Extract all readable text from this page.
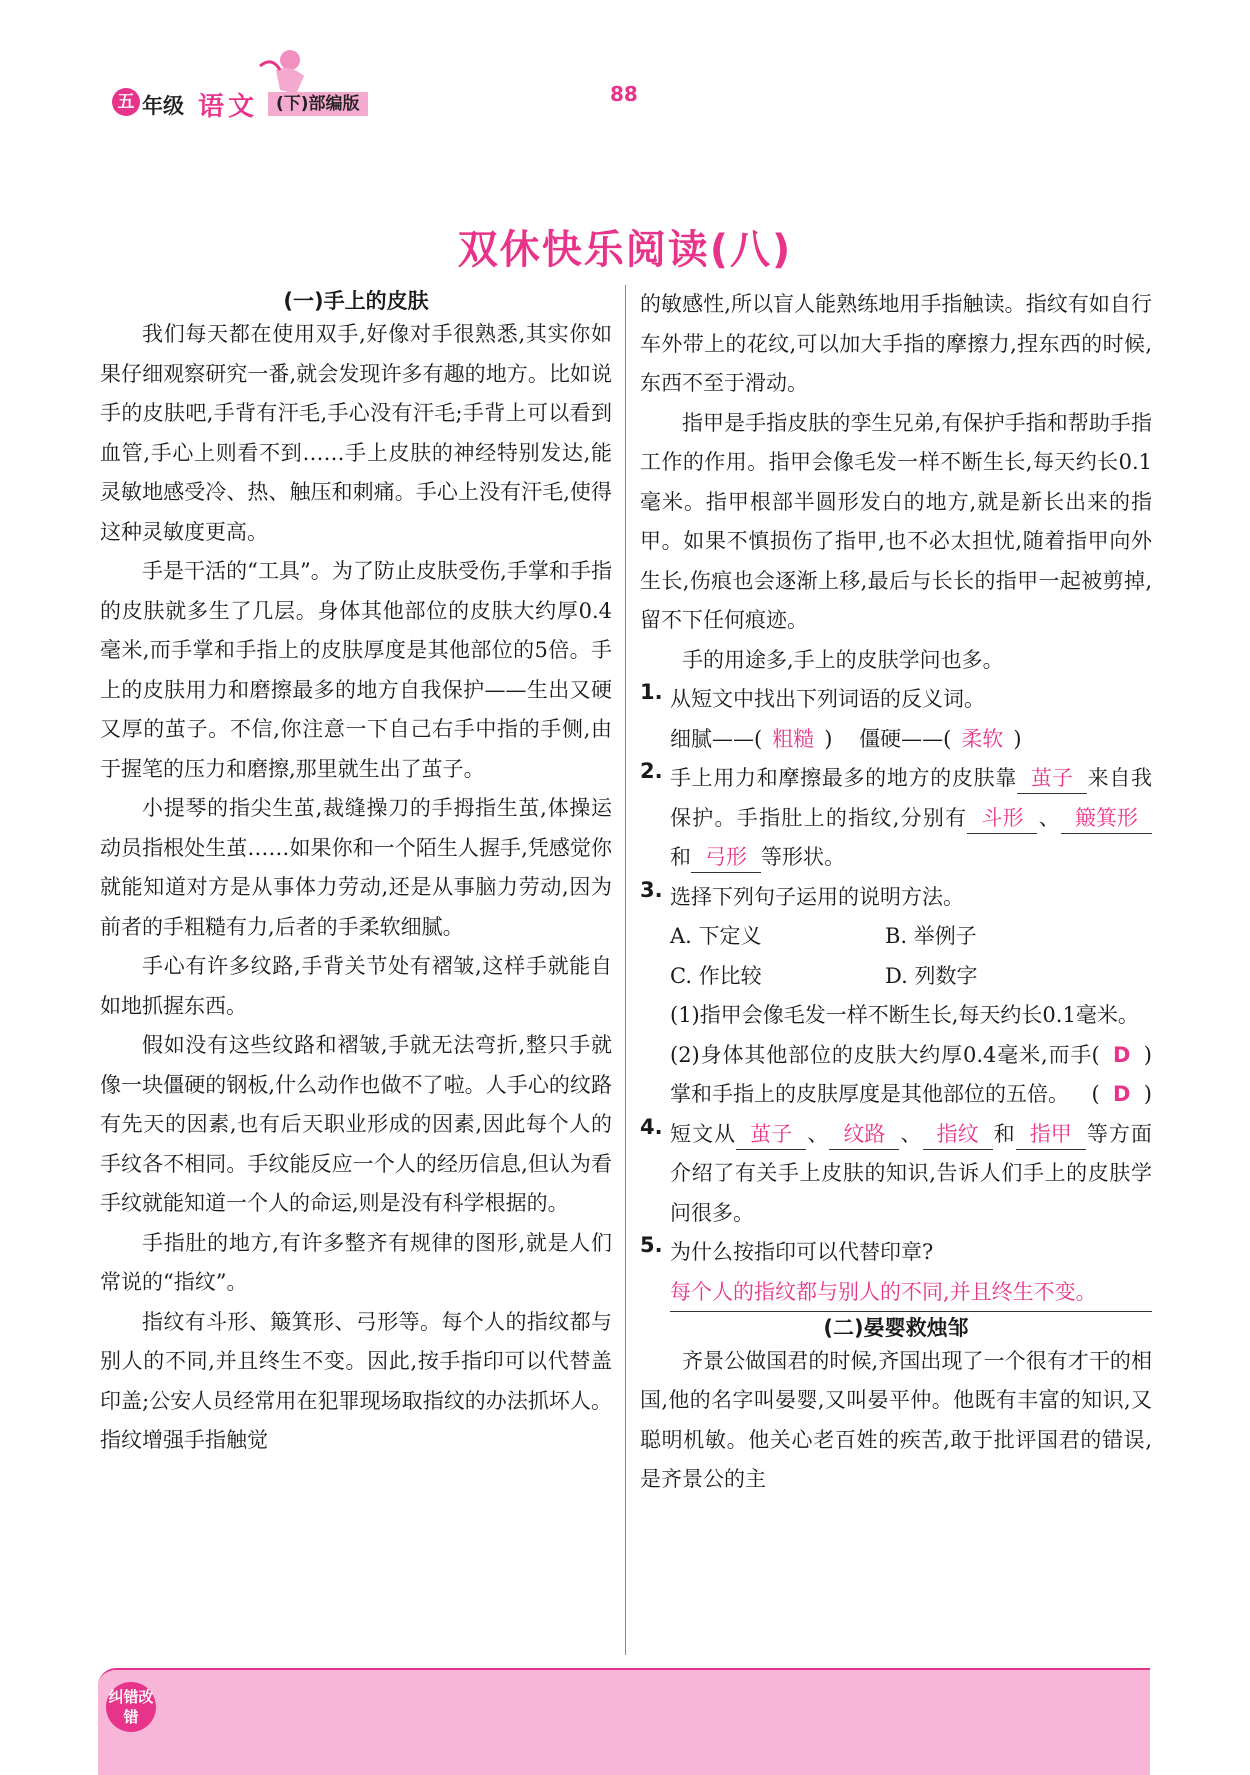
五 年级 语文	(下)部编版	88
双休快乐阅读(八)
(一)手上的皮肤

我们每天都在使用双手,好像对手很熟悉,其实你如果仔细观察研究一番,就会发现许多有趣的地方。比如说手的皮肤吧,手背有汗毛,手心没有汗毛;手背上可以看到血管,手心上则看不到……手上皮肤的神经特别发达,能灵敏地感受冷、热、触压和刺痛。手心上没有汗毛,使得这种灵敏度更高。

手是干活的“工具”。为了防止皮肤受伤,手掌和手指的皮肤就多生了几层。身体其他部位的皮肤大约厚0.4毫米,而手掌和手指上的皮肤厚度是其他部位的5倍。手上的皮肤用力和磨擦最多的地方自我保护——生出又硬又厚的茧子。不信,你注意一下自己右手中指的手侧,由于握笔的压力和磨擦,那里就生出了茧子。

小提琴的指尖生茧,裁缝操刀的手拇指生茧,体操运动员指根处生茧……如果你和一个陌生人握手,凭感觉你就能知道对方是从事体力劳动,还是从事脑力劳动,因为前者的手粗糙有力,后者的手柔软细腻。

手心有许多纹路,手背关节处有褶皱,这样手就能自如地抓握东西。

假如没有这些纹路和褶皱,手就无法弯折,整只手就像一块僵硬的钢板,什么动作也做不了啦。人手心的纹路有先天的因素,也有后天职业形成的因素,因此每个人的手纹各不相同。手纹能反应一个人的经历信息,但认为看手纹就能知道一个人的命运,则是没有科学根据的。

手指肚的地方,有许多整齐有规律的图形,就是人们常说的“指纹”。

指纹有斗形、簸箕形、弓形等。每个人的指纹都与别人的不同,并且终生不变。因此,按手指印可以代替盖印盖;公安人员经常用在犯罪现场取指纹的办法抓坏人。指纹增强手指触觉

的敏感性,所以盲人能熟练地用手指触读。指纹有如自行车外带上的花纹,可以加大手指的摩擦力,捏东西的时候,东西不至于滑动。

指甲是手指皮肤的孪生兄弟,有保护手指和帮助手指工作的作用。指甲会像毛发一样不断生长,每天约长0.1毫米。指甲根部半圆形发白的地方,就是新长出来的指甲。如果不慎损伤了指甲,也不必太担忧,随着指甲向外生长,伤痕也会逐渐上移,最后与长长的指甲一起被剪掉,留不下任何痕迹。

手的用途多,手上的皮肤学问也多。

1. 从短文中找出下列词语的反义词。
细腻——( 粗糙 ) 僵硬——( 柔软 )
2. 手上用力和摩擦最多的地方的皮肤靠 茧子 来自我保护。手指肚上的指纹,分别有 斗形 、 簸箕形和 弓形 等形状。
3. 选择下列句子运用的说明方法。
A. 下定义	B. 举例子
C. 作比较	D. 列数字
(1)指甲会像毛发一样不断生长,每天约长0.1毫米。
( D )
(2)身体其他部位的皮肤大约厚0.4毫米,而手掌和手指上的皮肤厚度是其他部位的五倍。 ( D )
4. 短文从 茧子 、 纹路 、 指纹 和 指甲 等方面介绍了有关手上皮肤的知识,告诉人们手上的皮肤学问很多。
5. 为什么按指印可以代替印章?
每个人的指纹都与别人的不同,并且终生不变。
(二)晏婴救烛邹

齐景公做国君的时候,齐国出现了一个很有才干的相国,他的名字叫晏婴,又叫晏平仲。他既有丰富的知识,又聪明机敏。他关心老百姓的疾苦,敢于批评国君的错误,是齐景公的主

纠错改错
